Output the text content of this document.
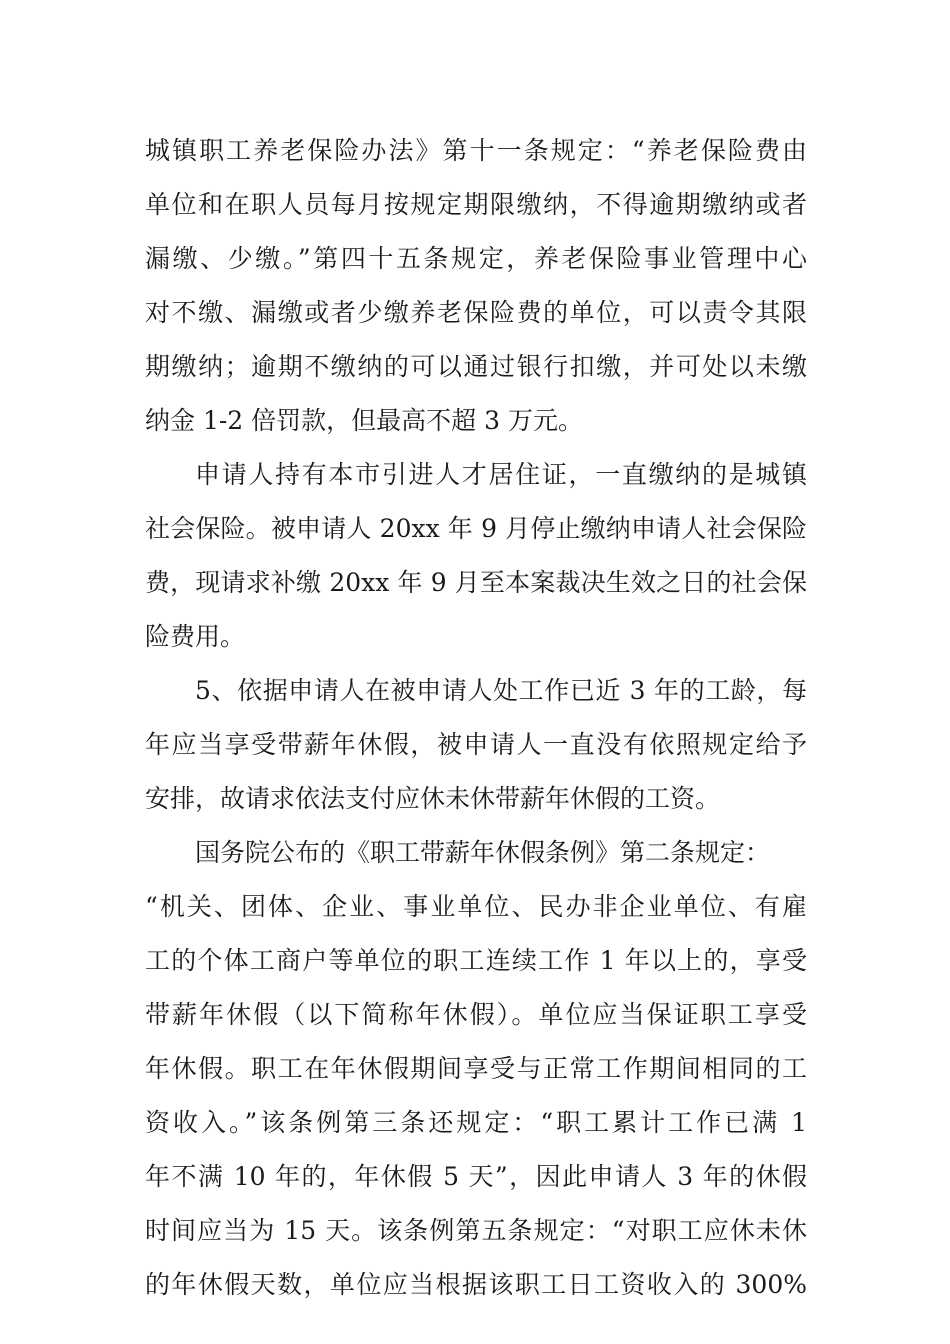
城镇职工养老保险办法》第十一条规定：“养老保险费由
单位和在职人员每月按规定期限缴纳，不得逾期缴纳或者
漏缴、少缴。”第四十五条规定，养老保险事业管理中心
对不缴、漏缴或者少缴养老保险费的单位，可以责令其限
期缴纳；逾期不缴纳的可以通过银行扣缴，并可处以未缴
纳金 1-2 倍罚款，但最高不超 3 万元。
申请人持有本市引进人才居住证，一直缴纳的是城镇
社会保险。被申请人 20xx 年 9 月停止缴纳申请人社会保险
费，现请求补缴 20xx 年 9 月至本案裁决生效之日的社会保
险费用。
5、依据申请人在被申请人处工作已近 3 年的工龄，每
年应当享受带薪年休假，被申请人一直没有依照规定给予
安排，故请求依法支付应休未休带薪年休假的工资。
国务院公布的《职工带薪年休假条例》第二条规定：
“机关、团体、企业、事业单位、民办非企业单位、有雇
工的个体工商户等单位的职工连续工作 1 年以上的，享受
带薪年休假（以下简称年休假）。单位应当保证职工享受
年休假。职工在年休假期间享受与正常工作期间相同的工
资收入。”该条例第三条还规定：“职工累计工作已满 1
年不满 10 年的，年休假 5 天”，因此申请人 3 年的休假
时间应当为 15 天。该条例第五条规定：“对职工应休未休
的年休假天数，单位应当根据该职工日工资收入的 300%
